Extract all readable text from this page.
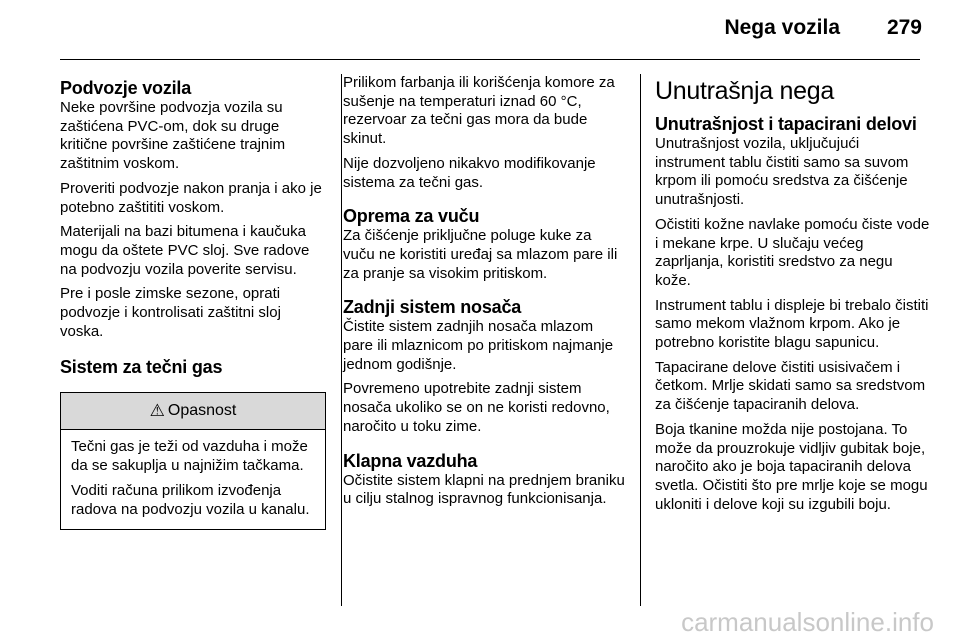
Nega vozila 279
Podvozje vozila

Neke površine podvozja vozila su zaštićena PVC-om, dok su druge kritične površine zaštićene trajnim zaštitnim voskom.

Proveriti podvozje nakon pranja i ako je potebno zaštititi voskom.

Materijali na bazi bitumena i kaučuka mogu da oštete PVC sloj. Sve radove na podvozju vozila poverite servisu.

Pre i posle zimske sezone, oprati podvozje i kontrolisati zaštitni sloj voska.

Sistem za tečni gas
⚠ Opasnost

Tečni gas je teži od vazduha i može da se sakuplja u najnižim tačkama.

Voditi računa prilikom izvođenja radova na podvozju vozila u kanalu.

Prilikom farbanja ili korišćenja komore za sušenje na temperaturi iznad 60 °C, rezervoar za tečni gas mora da bude skinut.

Nije dozvoljeno nikakvo modifikovanje sistema za tečni gas.

Oprema za vuču

Za čišćenje priključne poluge kuke za vuču ne koristiti uređaj sa mlazom pare ili za pranje sa visokim pritiskom.

Zadnji sistem nosača

Čistite sistem zadnjih nosača mlazom pare ili mlaznicom po pritiskom najmanje jednom godišnje.

Povremeno upotrebite zadnji sistem nosača ukoliko se on ne koristi redovno, naročito u toku zime.

Klapna vazduha

Očistite sistem klapni na prednjem braniku u cilju stalnog ispravnog funkcionisanja.

Unutrašnja nega
Unutrašnjost i tapacirani delovi

Unutrašnjost vozila, uključujući instrument tablu čistiti samo sa suvom krpom ili pomoću sredstva za čišćenje unutrašnjosti.

Očistiti kožne navlake pomoću čiste vode i mekane krpe. U slučaju većeg zaprljanja, koristiti sredstvo za negu kože.

Instrument tablu i displeje bi trebalo čistiti samo mekom vlažnom krpom. Ako je potrebno koristite blagu sapunicu.

Tapacirane delove čistiti usisivačem i četkom. Mrlje skidati samo sa sredstvom za čišćenje tapaciranih delova.

Boja tkanine možda nije postojana. To može da prouzrokuje vidljiv gubitak boje, naročito ako je boja tapaciranih delova svetla. Očistiti što pre mrlje koje se mogu ukloniti i delove koji su izgubili boju.

carmanualsonline.info
